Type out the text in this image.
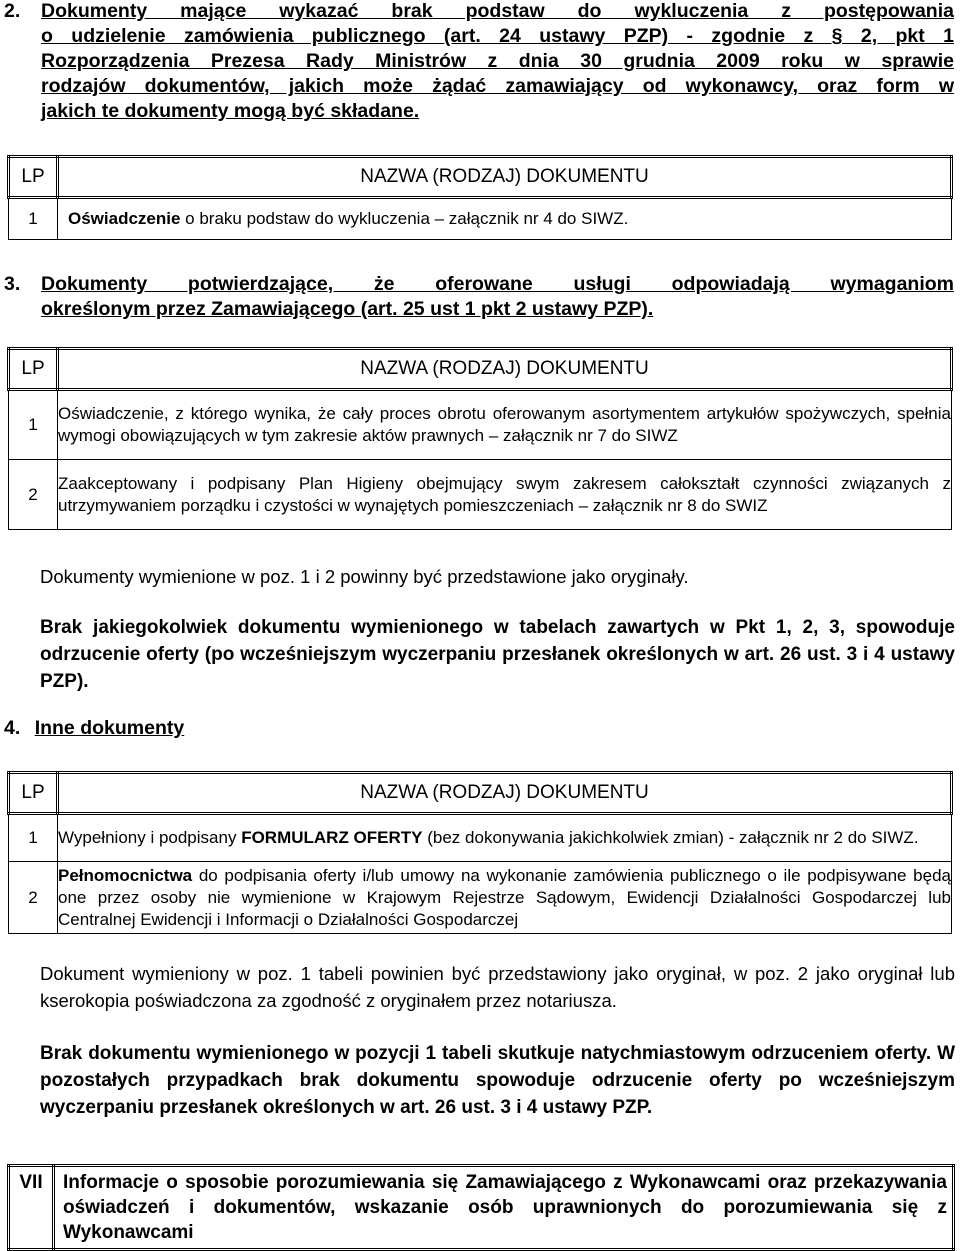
2. Dokumenty mające wykazać brak podstaw do wykluczenia z postępowania
o udzielenie zamówienia publicznego (art. 24 ustawy PZP) - zgodnie z § 2, pkt 1
Rozporządzenia Prezesa Rady Ministrów z dnia 30 grudnia 2009 roku w sprawie
rodzajów dokumentów, jakich może żądać zamawiający od wykonawcy, oraz form w
jakich te dokumenty mogą być składane.
LP	NAZWA (RODZAJ) DOKUMENTU
1	Oświadczenie o braku podstaw do wykluczenia – załącznik nr 4 do SIWZ.
3. Dokumenty potwierdzające, że oferowane usługi odpowiadają wymaganiom
określonym przez Zamawiającego (art. 25 ust 1 pkt 2 ustawy PZP).
LP	NAZWA (RODZAJ) DOKUMENTU
1	Oświadczenie, z którego wynika, że cały proces obrotu oferowanym asortymentem artykułów spożywczych, spełnia wymogi obowiązujących w tym zakresie aktów prawnych – załącznik nr 7 do SIWZ
2	Zaakceptowany i podpisany Plan Higieny obejmujący swym zakresem całokształt czynności związanych z utrzymywaniem porządku i czystości w wynajętych pomieszczeniach – załącznik nr 8 do SWIZ
Dokumenty wymienione w poz. 1 i 2 powinny być przedstawione jako oryginały.
Brak jakiegokolwiek dokumentu wymienionego w tabelach zawartych w Pkt 1, 2, 3, spowoduje odrzucenie oferty (po wcześniejszym wyczerpaniu przesłanek określonych w art. 26 ust. 3 i 4 ustawy PZP).
4. Inne dokumenty
LP	NAZWA (RODZAJ) DOKUMENTU
1	Wypełniony i podpisany FORMULARZ OFERTY (bez dokonywania jakichkolwiek zmian) - załącznik nr 2 do SIWZ.
2	Pełnomocnictwa do podpisania oferty i/lub umowy na wykonanie zamówienia publicznego o ile podpisywane będą one przez osoby nie wymienione w Krajowym Rejestrze Sądowym, Ewidencji Działalności Gospodarczej lub Centralnej Ewidencji i Informacji o Działalności Gospodarczej
Dokument wymieniony w poz. 1 tabeli powinien być przedstawiony jako oryginał, w poz. 2 jako oryginał lub kserokopia poświadczona za zgodność z oryginałem przez notariusza.
Brak dokumentu wymienionego w pozycji 1 tabeli skutkuje natychmiastowym odrzuceniem oferty. W pozostałych przypadkach brak dokumentu spowoduje odrzucenie oferty po wcześniejszym wyczerpaniu przesłanek określonych w art. 26 ust. 3 i 4 ustawy PZP.
VII	Informacje o sposobie porozumiewania się Zamawiającego z Wykonawcami oraz przekazywania oświadczeń i dokumentów, wskazanie osób uprawnionych do porozumiewania się z Wykonawcami
